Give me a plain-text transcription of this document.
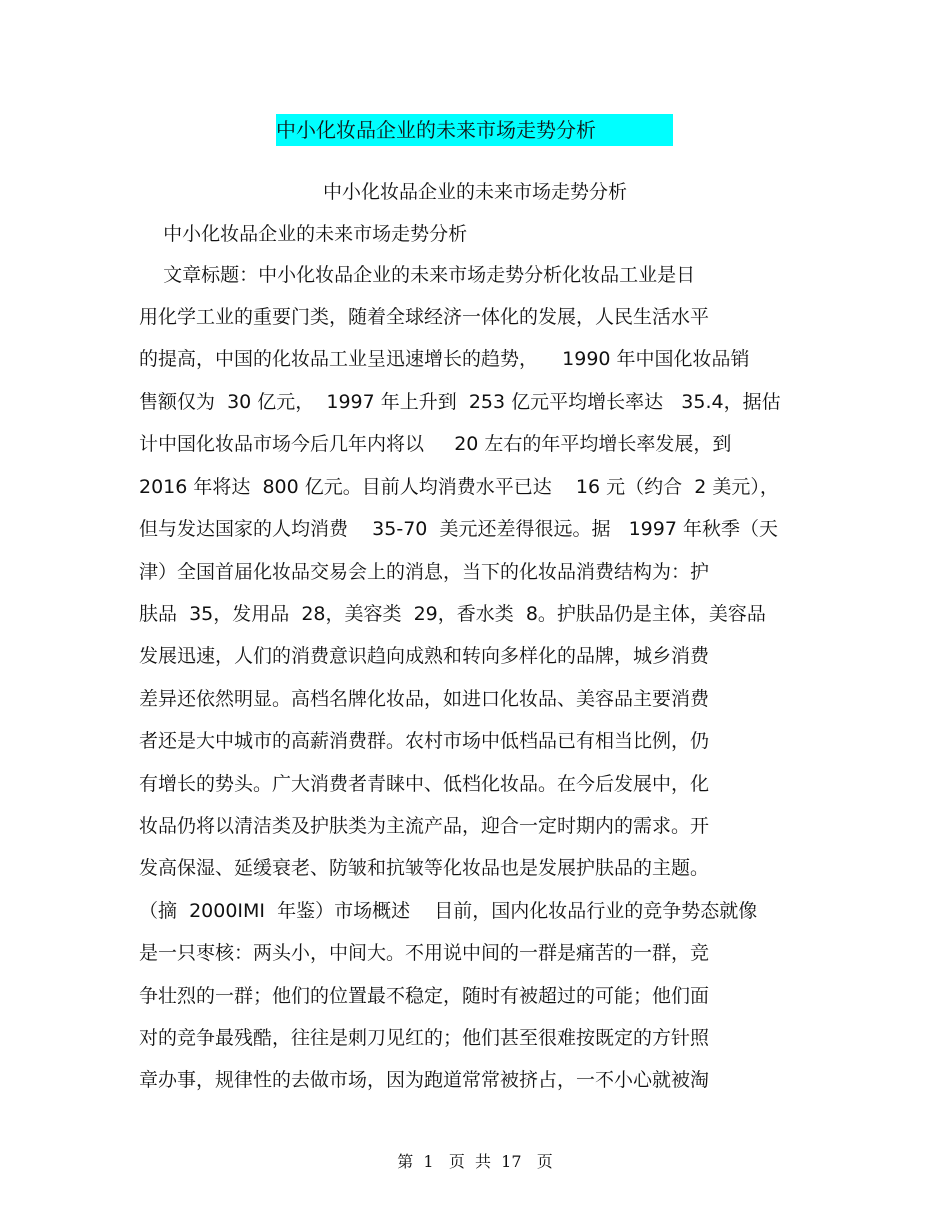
中小化妆品企业的未来市场走势分析
中小化妆品企业的未来市场走势分析
中小化妆品企业的未来市场走势分析
文章标题：中小化妆品企业的未来市场走势分析化妆品工业是日
用化学工业的重要门类，随着全球经济一体化的发展，人民生活水平
的提高，中国的化妆品工业呈迅速增长的趋势，    1990 年中国化妆品销
售额仅为  30 亿元，  1997 年上升到  253 亿元平均增长率达   35.4，据估
计中国化妆品市场今后几年内将以     20 左右的年平均增长率发展，到
2016 年将达  800 亿元。目前人均消费水平已达    16 元（约合  2 美元），
但与发达国家的人均消费    35-70  美元还差得很远。据   1997 年秋季（天
津）全国首届化妆品交易会上的消息，当下的化妆品消费结构为：护
肤品  35，发用品  28，美容类  29，香水类  8。护肤品仍是主体，美容品
发展迅速，人们的消费意识趋向成熟和转向多样化的品牌，城乡消费
差异还依然明显。高档名牌化妆品，如进口化妆品、美容品主要消费
者还是大中城市的高薪消费群。农村市场中低档品已有相当比例，仍
有增长的势头。广大消费者青睐中、低档化妆品。在今后发展中，化
妆品仍将以清洁类及护肤类为主流产品，迎合一定时期内的需求。开
发高保湿、延缓衰老、防皱和抗皱等化妆品也是发展护肤品的主题。
（摘  2000IMI  年鉴）市场概述    目前，国内化妆品行业的竞争势态就像
是一只枣核：两头小，中间大。不用说中间的一群是痛苦的一群，竞
争壮烈的一群；他们的位置最不稳定，随时有被超过的可能；他们面
对的竞争最残酷，往往是刺刀见红的；他们甚至很难按既定的方针照
章办事，规律性的去做市场，因为跑道常常被挤占，一不小心就被淘
第  1   页  共  17   页
